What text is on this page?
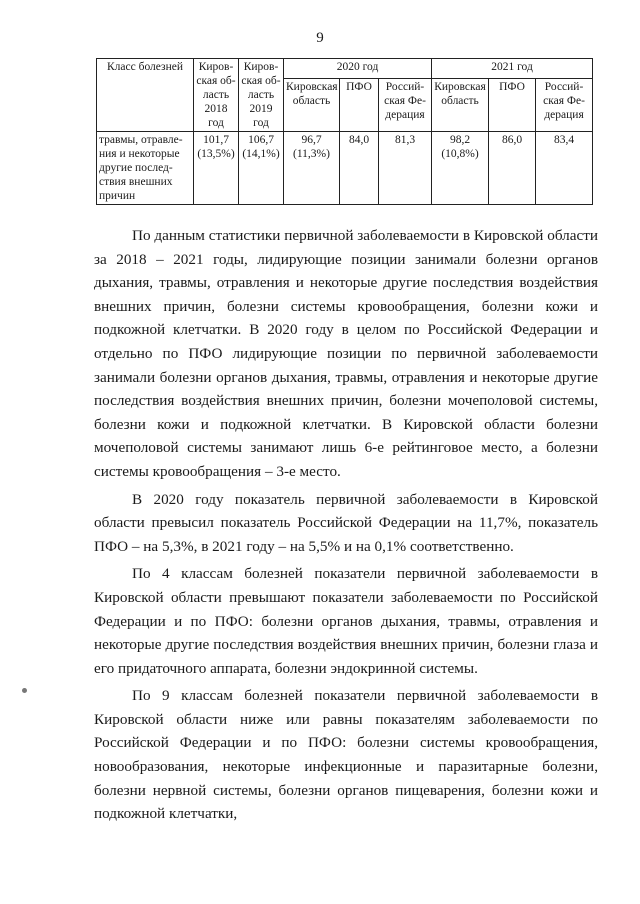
9
Класс болезней	Киров-ская об-ласть 2018 год	Киров-ская об-ласть 2019 год	2020 год			2021 год		
			Кировская область	ПФО	Россий-ская Фе-дерация	Кировская область	ПФО	Россий-ская Фе-дерация
травмы, отравле-ния и некоторые другие послед-ствия внешних причин	101,7 (13,5%)	106,7 (14,1%)	96,7 (11,3%)	84,0	81,3	98,2 (10,8%)	86,0	83,4

По данным статистики первичной заболеваемости в Кировской области за 2018 – 2021 годы, лидирующие позиции занимали болезни органов дыхания, травмы, отравления и некоторые другие последствия воздействия внешних причин, болезни системы кровообращения, болезни кожи и подкожной клетчатки. В 2020 году в целом по Российской Федерации и отдельно по ПФО лидирующие позиции по первичной заболеваемости занимали болезни органов дыхания, травмы, отравления и некоторые другие последствия воздействия внешних причин, болезни мочеполовой системы, болезни кожи и подкожной клетчатки. В Кировской области болезни мочеполовой системы занимают лишь 6-е рейтинговое место, а болезни системы кровообращения – 3-е место.

В 2020 году показатель первичной заболеваемости в Кировской области превысил показатель Российской Федерации на 11,7%, показатель ПФО – на 5,3%, в 2021 году – на 5,5% и на 0,1% соответственно.

По 4 классам болезней показатели первичной заболеваемости в Кировской области превышают показатели заболеваемости по Российской Федерации и по ПФО: болезни органов дыхания, травмы, отравления и некоторые другие последствия воздействия внешних причин, болезни глаза и его придаточного аппарата, болезни эндокринной системы.

По 9 классам болезней показатели первичной заболеваемости в Кировской области ниже или равны показателям заболеваемости по Российской Федерации и по ПФО: болезни системы кровообращения, новообразования, некоторые инфекционные и паразитарные болезни, болезни нервной системы, болезни органов пищеварения, болезни кожи и подкожной клетчатки,
